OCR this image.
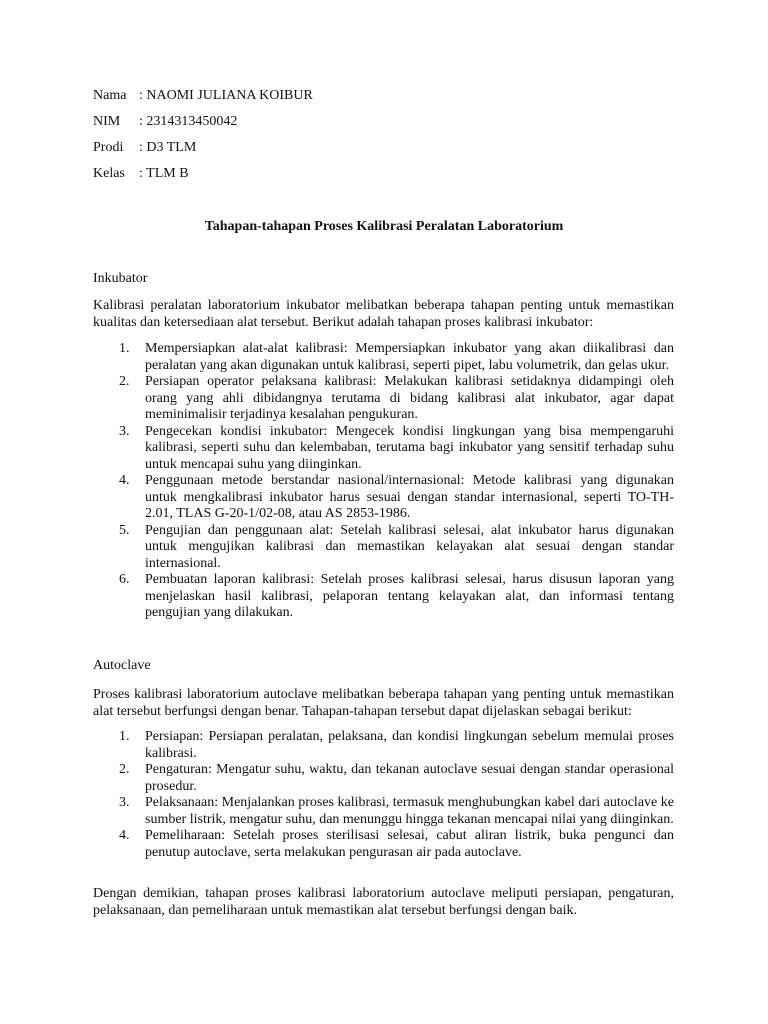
Nama : NAOMI JULIANA KOIBUR
NIM : 2314313450042
Prodi : D3 TLM
Kelas : TLM B
Tahapan-tahapan Proses Kalibrasi Peralatan Laboratorium
Inkubator

Kalibrasi peralatan laboratorium inkubator melibatkan beberapa tahapan penting untuk memastikan kualitas dan ketersediaan alat tersebut. Berikut adalah tahapan proses kalibrasi inkubator:

1. Mempersiapkan alat-alat kalibrasi: Mempersiapkan inkubator yang akan diikalibrasi dan peralatan yang akan digunakan untuk kalibrasi, seperti pipet, labu volumetrik, dan gelas ukur.
2. Persiapan operator pelaksana kalibrasi: Melakukan kalibrasi setidaknya didampingi oleh orang yang ahli dibidangnya terutama di bidang kalibrasi alat inkubator, agar dapat meminimalisir terjadinya kesalahan pengukuran.
3. Pengecekan kondisi inkubator: Mengecek kondisi lingkungan yang bisa mempengaruhi kalibrasi, seperti suhu dan kelembaban, terutama bagi inkubator yang sensitif terhadap suhu untuk mencapai suhu yang diinginkan.
4. Penggunaan metode berstandar nasional/internasional: Metode kalibrasi yang digunakan untuk mengkalibrasi inkubator harus sesuai dengan standar internasional, seperti TO-TH-2.01, TLAS G-20-1/02-08, atau AS 2853-1986.
5. Pengujian dan penggunaan alat: Setelah kalibrasi selesai, alat inkubator harus digunakan untuk mengujikan kalibrasi dan memastikan kelayakan alat sesuai dengan standar internasional.
6. Pembuatan laporan kalibrasi: Setelah proses kalibrasi selesai, harus disusun laporan yang menjelaskan hasil kalibrasi, pelaporan tentang kelayakan alat, dan informasi tentang pengujian yang dilakukan.
Autoclave

Proses kalibrasi laboratorium autoclave melibatkan beberapa tahapan yang penting untuk memastikan alat tersebut berfungsi dengan benar. Tahapan-tahapan tersebut dapat dijelaskan sebagai berikut:

1. Persiapan: Persiapan peralatan, pelaksana, dan kondisi lingkungan sebelum memulai proses kalibrasi.
2. Pengaturan: Mengatur suhu, waktu, dan tekanan autoclave sesuai dengan standar operasional prosedur.
3. Pelaksanaan: Menjalankan proses kalibrasi, termasuk menghubungkan kabel dari autoclave ke sumber listrik, mengatur suhu, dan menunggu hingga tekanan mencapai nilai yang diinginkan.
4. Pemeliharaan: Setelah proses sterilisasi selesai, cabut aliran listrik, buka pengunci dan penutup autoclave, serta melakukan pengurasan air pada autoclave.

Dengan demikian, tahapan proses kalibrasi laboratorium autoclave meliputi persiapan, pengaturan, pelaksanaan, dan pemeliharaan untuk memastikan alat tersebut berfungsi dengan baik.
